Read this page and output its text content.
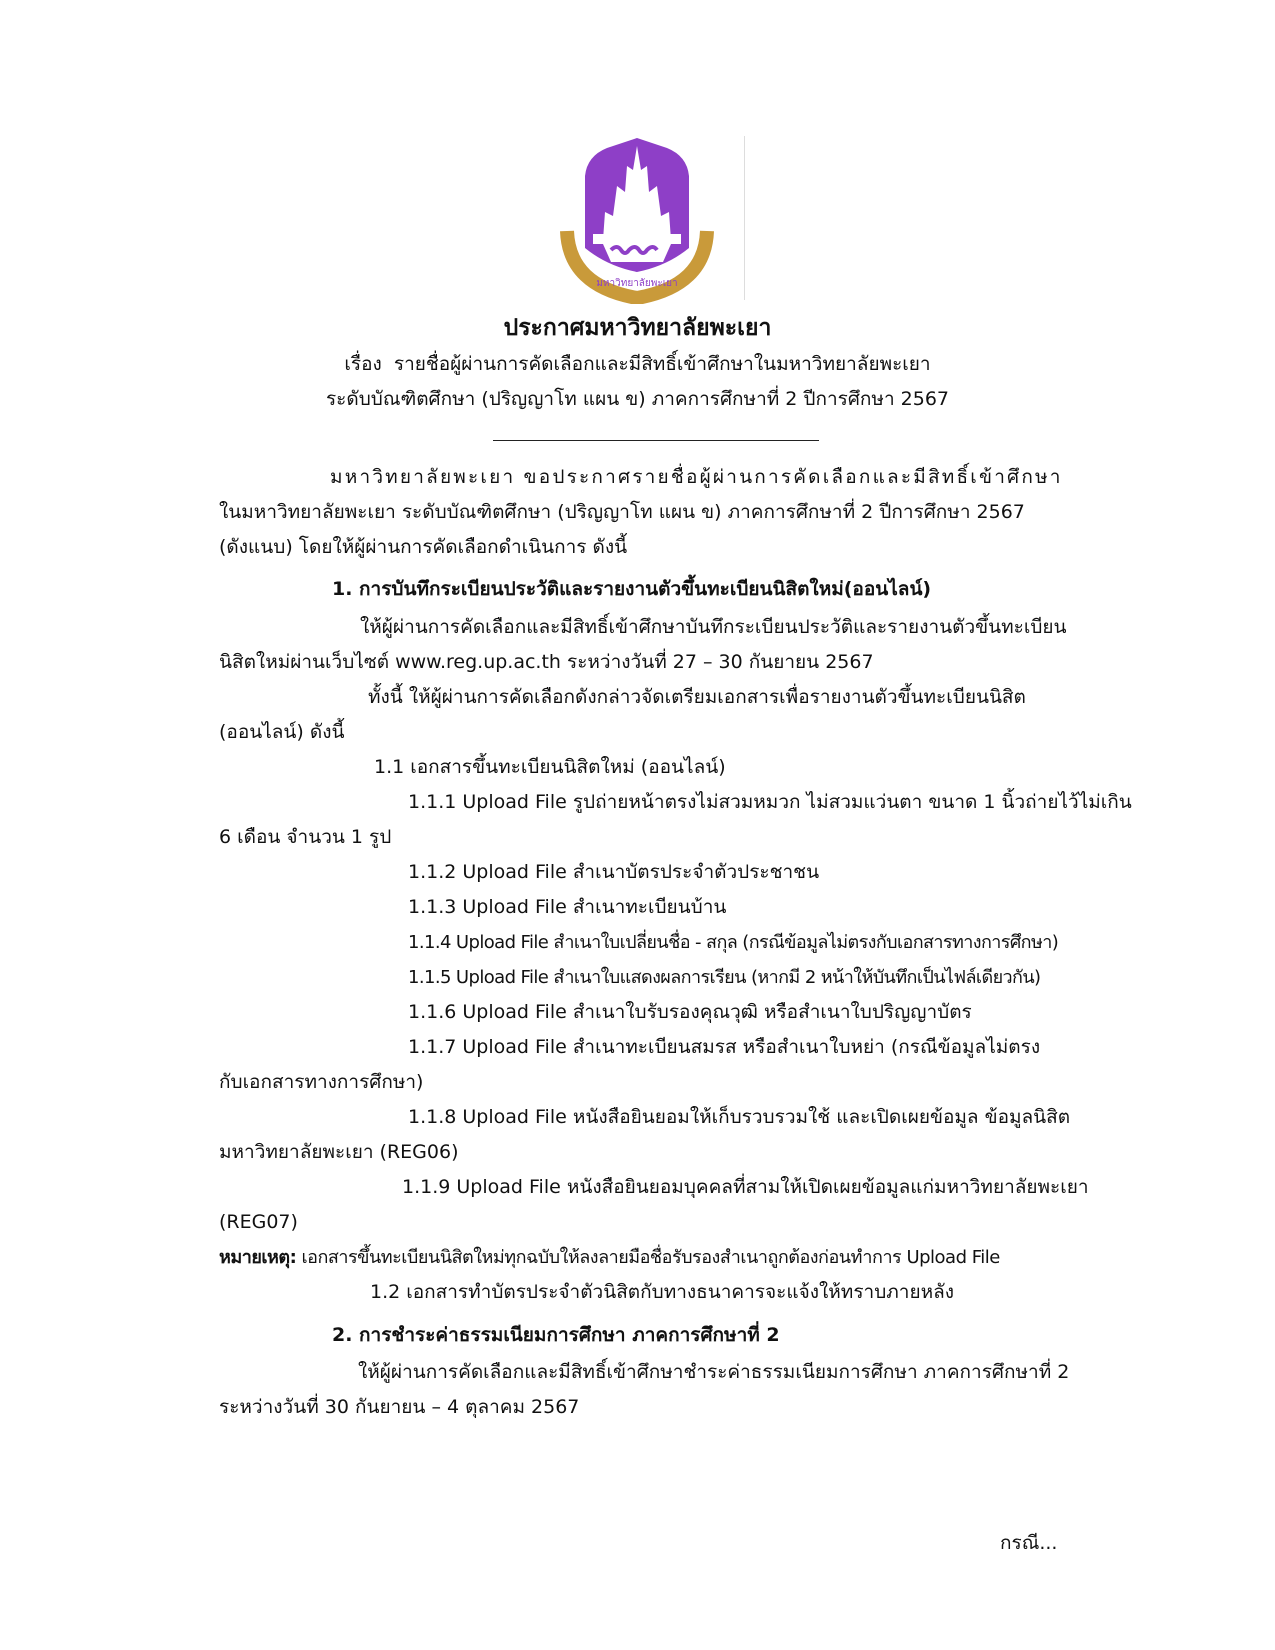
มหาวิทยาลัยพะเยา
ประกาศมหาวิทยาลัยพะเยา
เรื่อง รายชื่อผู้ผ่านการคัดเลือกและมีสิทธิ์เข้าศึกษาในมหาวิทยาลัยพะเยา
ระดับบัณฑิตศึกษา (ปริญญาโท แผน ข) ภาคการศึกษาที่ 2 ปีการศึกษา 2567

มหาวิทยาลัยพะเยา ขอประกาศรายชื่อผู้ผ่านการคัดเลือกและมีสิทธิ์เข้าศึกษา

ในมหาวิทยาลัยพะเยา ระดับบัณฑิตศึกษา (ปริญญาโท แผน ข) ภาคการศึกษาที่ 2 ปีการศึกษา 2567

(ดังแนบ) โดยให้ผู้ผ่านการคัดเลือกดำเนินการ ดังนี้

1. การบันทึกระเบียนประวัติและรายงานตัวขึ้นทะเบียนนิสิตใหม่(ออนไลน์)

ให้ผู้ผ่านการคัดเลือกและมีสิทธิ์เข้าศึกษาบันทึกระเบียนประวัติและรายงานตัวขึ้นทะเบียน

นิสิตใหม่ผ่านเว็บไซต์ www.reg.up.ac.th ระหว่างวันที่ 27 – 30 กันยายน 2567

ทั้งนี้ ให้ผู้ผ่านการคัดเลือกดังกล่าวจัดเตรียมเอกสารเพื่อรายงานตัวขึ้นทะเบียนนิสิต

(ออนไลน์) ดังนี้

1.1 เอกสารขึ้นทะเบียนนิสิตใหม่ (ออนไลน์)

1.1.1 Upload File รูปถ่ายหน้าตรงไม่สวมหมวก ไม่สวมแว่นตา ขนาด 1 นิ้วถ่ายไว้ไม่เกิน

6 เดือน จำนวน 1 รูป

1.1.2 Upload File สำเนาบัตรประจำตัวประชาชน

1.1.3 Upload File สำเนาทะเบียนบ้าน

1.1.4 Upload File สำเนาใบเปลี่ยนชื่อ - สกุล (กรณีข้อมูลไม่ตรงกับเอกสารทางการศึกษา)

1.1.5 Upload File สำเนาใบแสดงผลการเรียน (หากมี 2 หน้าให้บันทึกเป็นไฟล์เดียวกัน)

1.1.6 Upload File สำเนาใบรับรองคุณวุฒิ หรือสำเนาใบปริญญาบัตร

1.1.7 Upload File สำเนาทะเบียนสมรส หรือสำเนาใบหย่า (กรณีข้อมูลไม่ตรง

กับเอกสารทางการศึกษา)

1.1.8 Upload File หนังสือยินยอมให้เก็บรวบรวมใช้ และเปิดเผยข้อมูล ข้อมูลนิสิต

มหาวิทยาลัยพะเยา (REG06)

1.1.9 Upload File หนังสือยินยอมบุคคลที่สามให้เปิดเผยข้อมูลแก่มหาวิทยาลัยพะเยา

(REG07)

หมายเหตุ: เอกสารขึ้นทะเบียนนิสิตใหม่ทุกฉบับให้ลงลายมือชื่อรับรองสำเนาถูกต้องก่อนทำการ Upload File

1.2 เอกสารทำบัตรประจำตัวนิสิตกับทางธนาคารจะแจ้งให้ทราบภายหลัง

2. การชำระค่าธรรมเนียมการศึกษา ภาคการศึกษาที่ 2

ให้ผู้ผ่านการคัดเลือกและมีสิทธิ์เข้าศึกษาชำระค่าธรรมเนียมการศึกษา ภาคการศึกษาที่ 2

ระหว่างวันที่ 30 กันยายน – 4 ตุลาคม 2567

กรณี...
